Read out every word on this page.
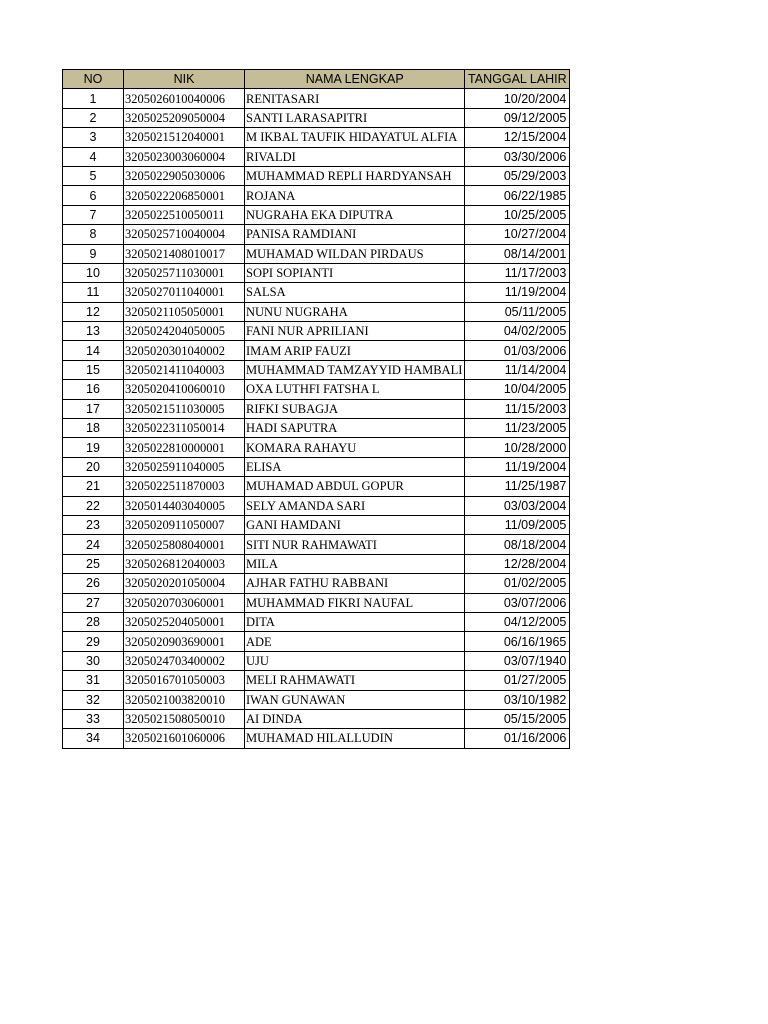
NO	NIK	NAMA LENGKAP	TANGGAL LAHIR
1	3205026010040006	RENITASARI	10/20/2004
2	3205025209050004	SANTI LARASAPITRI	09/12/2005
3	3205021512040001	M IKBAL TAUFIK HIDAYATUL ALFIA	12/15/2004
4	3205023003060004	RIVALDI	03/30/2006
5	3205022905030006	MUHAMMAD REPLI HARDYANSAH	05/29/2003
6	3205022206850001	ROJANA	06/22/1985
7	3205022510050011	NUGRAHA EKA DIPUTRA	10/25/2005
8	3205025710040004	PANISA RAMDIANI	10/27/2004
9	3205021408010017	MUHAMAD WILDAN PIRDAUS	08/14/2001
10	3205025711030001	SOPI SOPIANTI	11/17/2003
11	3205027011040001	SALSA	11/19/2004
12	3205021105050001	NUNU NUGRAHA	05/11/2005
13	3205024204050005	FANI NUR APRILIANI	04/02/2005
14	3205020301040002	IMAM ARIP FAUZI	01/03/2006
15	3205021411040003	MUHAMMAD TAMZAYYID HAMBALI	11/14/2004
16	3205020410060010	OXA LUTHFI FATSHA L	10/04/2005
17	3205021511030005	RIFKI SUBAGJA	11/15/2003
18	3205022311050014	HADI SAPUTRA	11/23/2005
19	3205022810000001	KOMARA RAHAYU	10/28/2000
20	3205025911040005	ELISA	11/19/2004
21	3205022511870003	MUHAMAD ABDUL GOPUR	11/25/1987
22	3205014403040005	SELY AMANDA SARI	03/03/2004
23	3205020911050007	GANI HAMDANI	11/09/2005
24	3205025808040001	SITI NUR RAHMAWATI	08/18/2004
25	3205026812040003	MILA	12/28/2004
26	3205020201050004	AJHAR FATHU RABBANI	01/02/2005
27	3205020703060001	MUHAMMAD FIKRI NAUFAL	03/07/2006
28	3205025204050001	DITA	04/12/2005
29	3205020903690001	ADE	06/16/1965
30	3205024703400002	UJU	03/07/1940
31	3205016701050003	MELI RAHMAWATI	01/27/2005
32	3205021003820010	IWAN GUNAWAN	03/10/1982
33	3205021508050010	AI DINDA	05/15/2005
34	3205021601060006	MUHAMAD HILALLUDIN	01/16/2006
